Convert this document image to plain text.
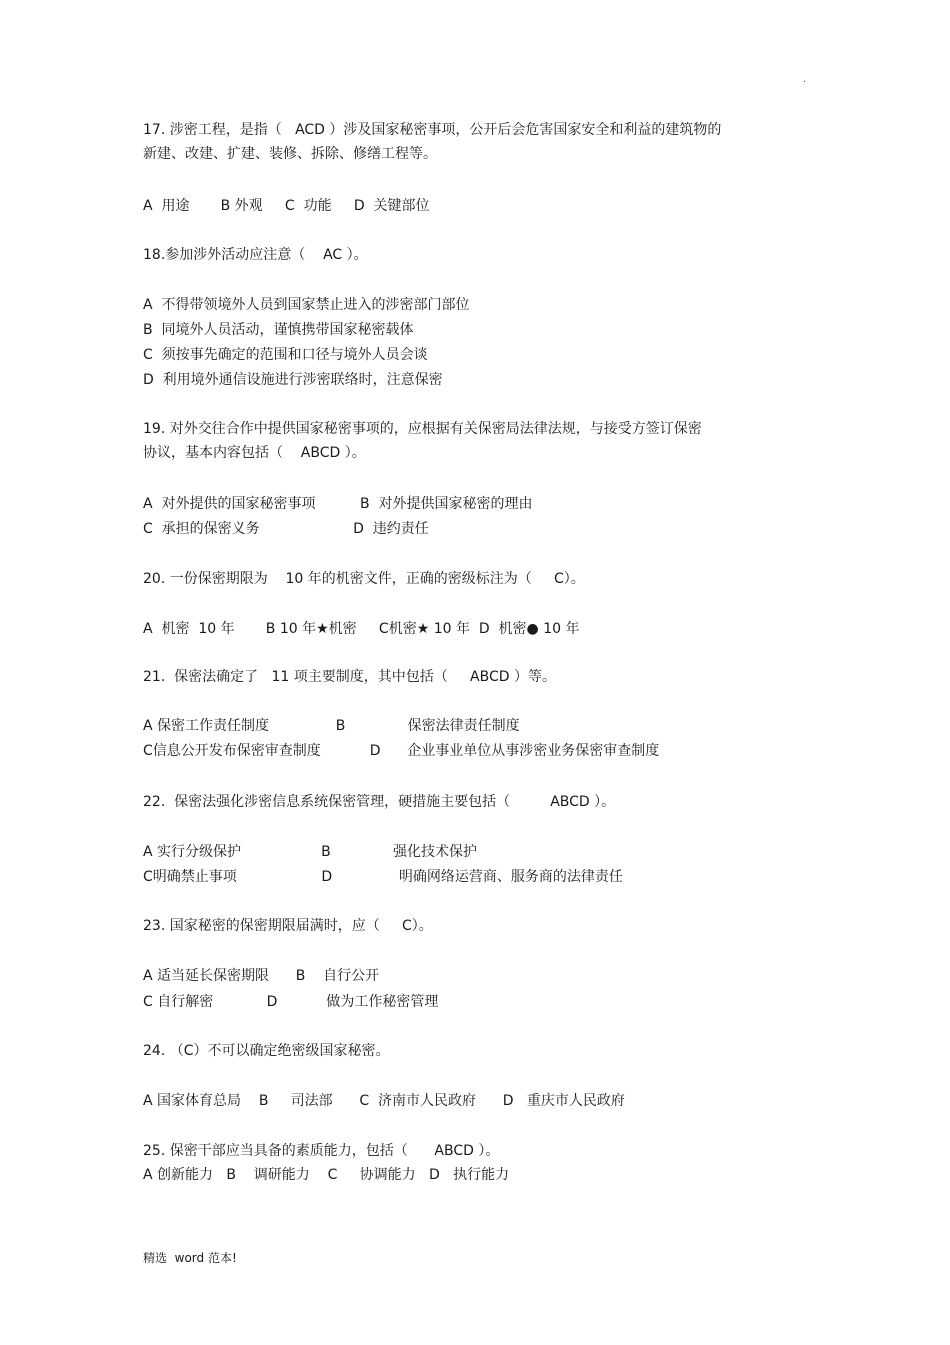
.
17. 涉密工程，是指（   ACD ）涉及国家秘密事项，公开后会危害国家安全和利益的建筑物的
新建、改建、扩建、装修、拆除、修缮工程等。
A  用途       B 外观     C  功能     D  关键部位
18.参加涉外活动应注意（    AC ）。
A  不得带领境外人员到国家禁止进入的涉密部门部位
B  同境外人员活动，谨慎携带国家秘密载体
C  须按事先确定的范围和口径与境外人员会谈
D  利用境外通信设施进行涉密联络时，注意保密
19. 对外交往合作中提供国家秘密事项的，应根据有关保密局法律法规，与接受方签订保密
协议，基本内容包括（    ABCD ）。
A  对外提供的国家秘密事项          B  对外提供国家秘密的理由
C  承担的保密义务                     D  违约责任
20. 一份保密期限为    10 年的机密文件，正确的密级标注为（     C）。
A  机密  10 年       B 10 年★机密     C机密★ 10 年  D  机密● 10 年
21.  保密法确定了   11 项主要制度，其中包括（     ABCD ）等。
A 保密工作责任制度               B              保密法律责任制度
C信息公开发布保密审查制度           D      企业事业单位从事涉密业务保密审查制度
22.  保密法强化涉密信息系统保密管理，硬措施主要包括（         ABCD ）。
A 实行分级保护                  B              强化技术保护
C明确禁止事项                   D               明确网络运营商、服务商的法律责任
23. 国家秘密的保密期限届满时，应（     C）。
A 适当延长保密期限      B    自行公开
C 自行解密            D           做为工作秘密管理
24. （C）不可以确定绝密级国家秘密。
A 国家体育总局    B     司法部      C  济南市人民政府      D   重庆市人民政府
25. 保密干部应当具备的素质能力，包括（      ABCD ）。
A 创新能力   B    调研能力    C     协调能力   D   执行能力
精选  word 范本!
